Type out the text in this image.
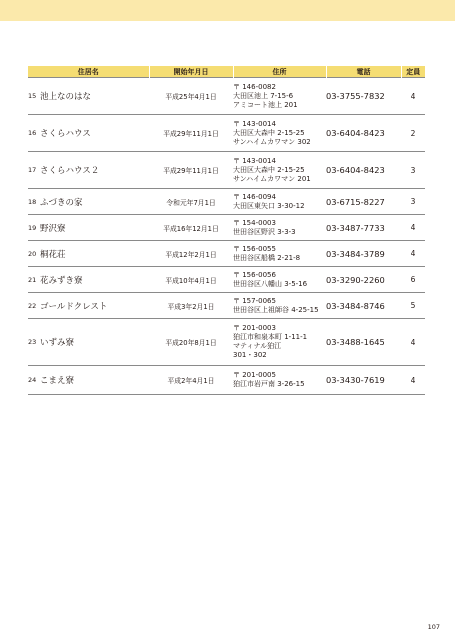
住居名		開始年月日	住所	電話	定員
15	池上なのはな	平成25年4月1日	〒 146-0082
大田区池上 7-15-6
アミコート池上 201	03-3755-7832	4
16	さくらハウス	平成29年11月1日	〒 143-0014
大田区大森中 2-15-25
サンハイムカワマン 302	03-6404-8423	2
17	さくらハウス２	平成29年11月1日	〒 143-0014
大田区大森中 2-15-25
サンハイムカワマン 201	03-6404-8423	3
18	ふづきの家	令和元年7月1日	〒 146-0094
大田区東矢口 3-30-12	03-6715-8227	3
19	野沢寮	平成16年12月1日	〒 154-0003
世田谷区野沢 3-3-3	03-3487-7733	4
20	桐花荘	平成12年2月1日	〒 156-0055
世田谷区船橋 2-21-8	03-3484-3789	4
21	花みずき寮	平成10年4月1日	〒 156-0056
世田谷区八幡山 3-5-16	03-3290-2260	6
22	ゴールドクレスト	平成3年2月1日	〒 157-0065
世田谷区上祖師谷 4-25-15	03-3484-8746	5
23	いずみ寮	平成20年8月1日	〒 201-0003
狛江市和泉本町 1-11-1
マティナル狛江
301・302	03-3488-1645	4
24	こまえ寮	平成2年4月1日	〒 201-0005
狛江市岩戸南 3-26-15	03-3430-7619	4
107
